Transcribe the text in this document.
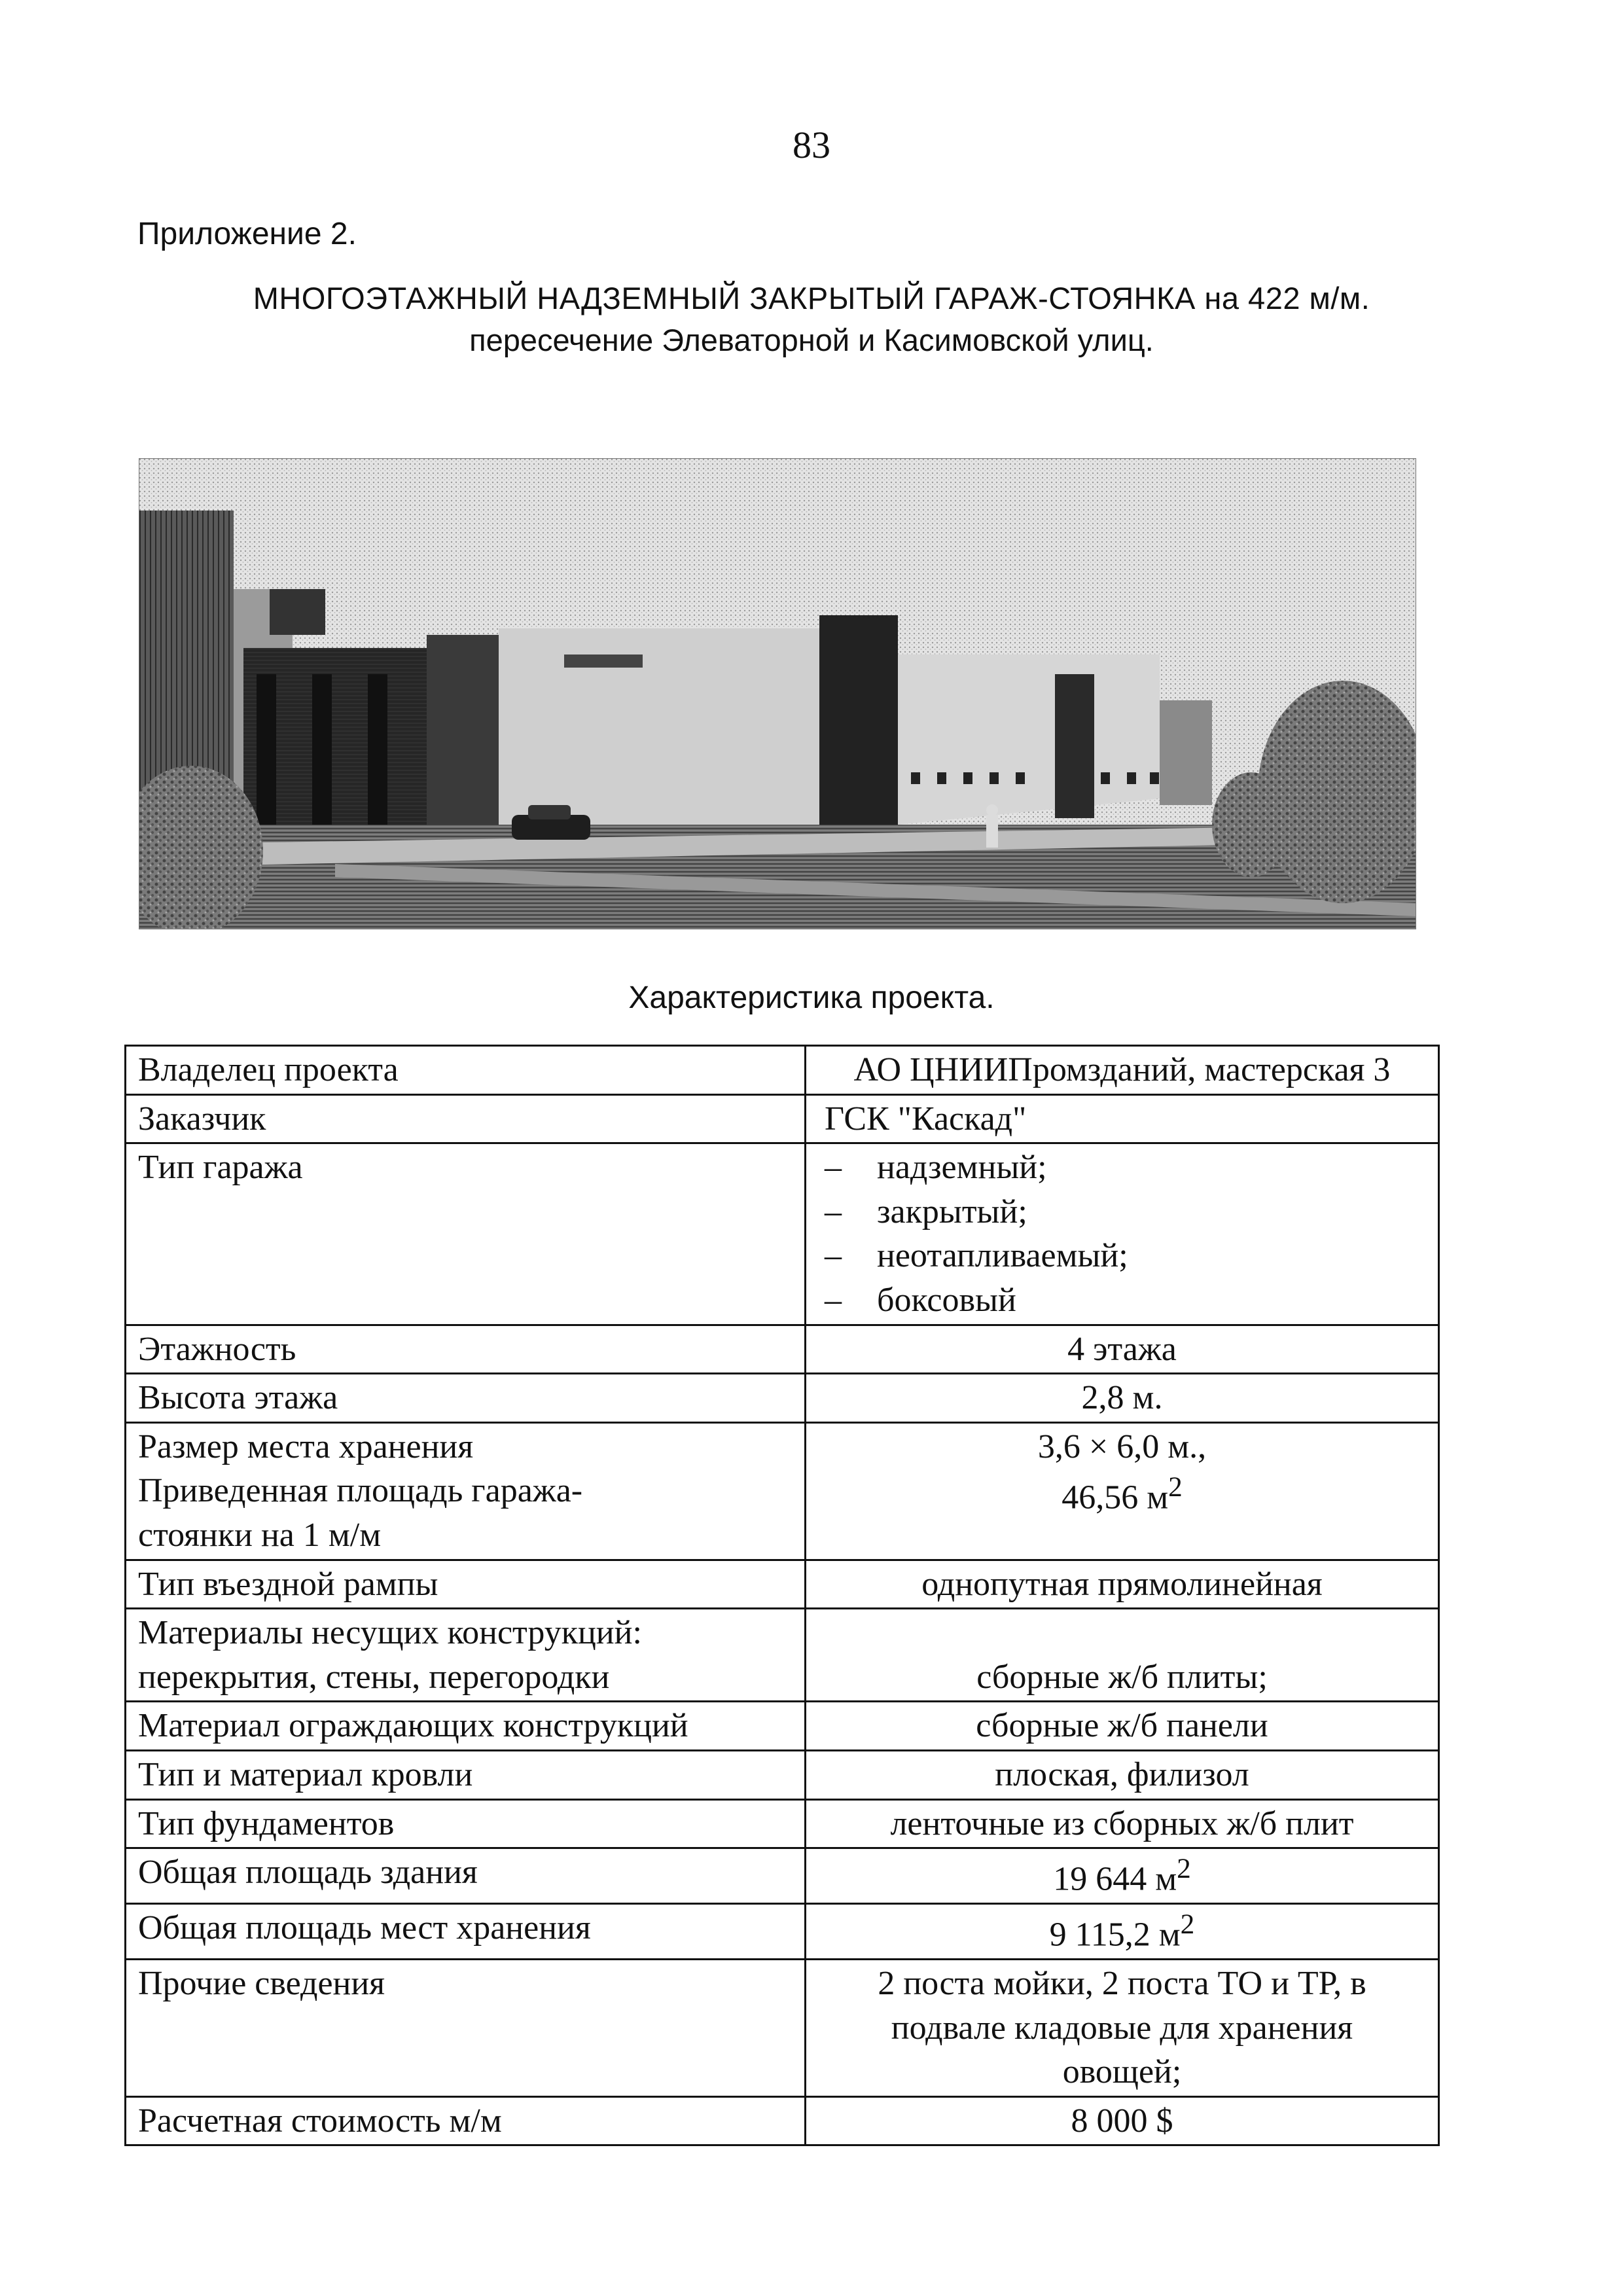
83
Приложение 2.
МНОГОЭТАЖНЫЙ НАДЗЕМНЫЙ ЗАКРЫТЫЙ ГАРАЖ-СТОЯНКА на 422 м/м.
пересечение Элеваторной и Касимовской улиц.
Характеристика проекта.
Владелец проекта	АО ЦНИИПромзданий, мастерская 3
Заказчик	ГСК "Каскад"
Тип гаража	– надземный;
– закрытый;
– неотапливаемый;
– боксовый

Этажность	4 этажа
Высота этажа	2,8 м.

Размер места хранения
Приведенная площадь гаража-
стоянки на 1 м/м	3,6 × 6,0 м.,
46,56 $м^2$

Тип въездной рампы	однопутная прямолинейная

Материалы несущих конструкций:
перекрытия, стены, перегородки	сборные ж/б плиты;
Материал ограждающих конструкций	сборные ж/б панели
Тип и материал кровли	плоская, филизол
Тип фундаментов	ленточные из сборных ж/б плит
Общая площадь здания	19 644 $м^2$
Общая площадь мест хранения	9 115,2 $м^2$
Прочие сведения	2 поста мойки, 2 поста ТО и ТР, в
подвале кладовые для хранения
овощей;

Расчетная стоимость м/м	8 000 $
